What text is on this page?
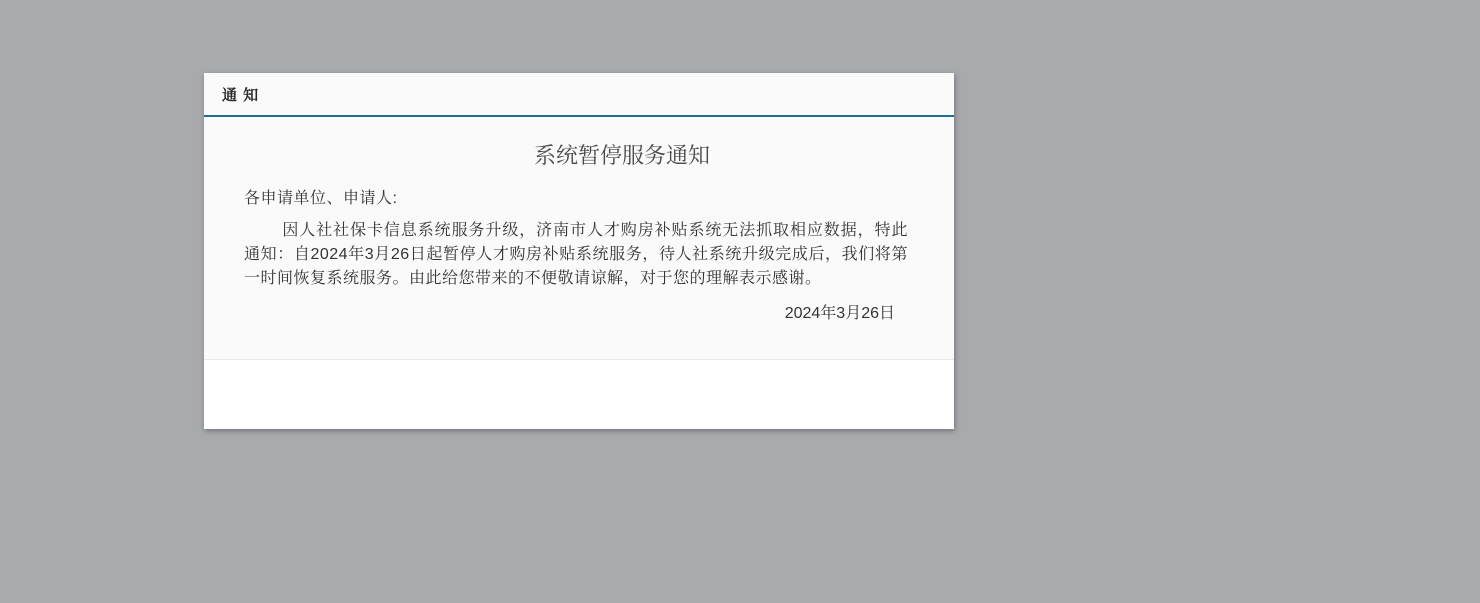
通 知
系统暂停服务通知
各申请单位、申请人:
因人社社保卡信息系统服务升级，济南市人才购房补贴系统无法抓取相应数据，特此通知：自2024年3月26日起暂停人才购房补贴系统服务，待人社系统升级完成后，我们将第一时间恢复系统服务。由此给您带来的不便敬请谅解，对于您的理解表示感谢。
2024年3月26日
